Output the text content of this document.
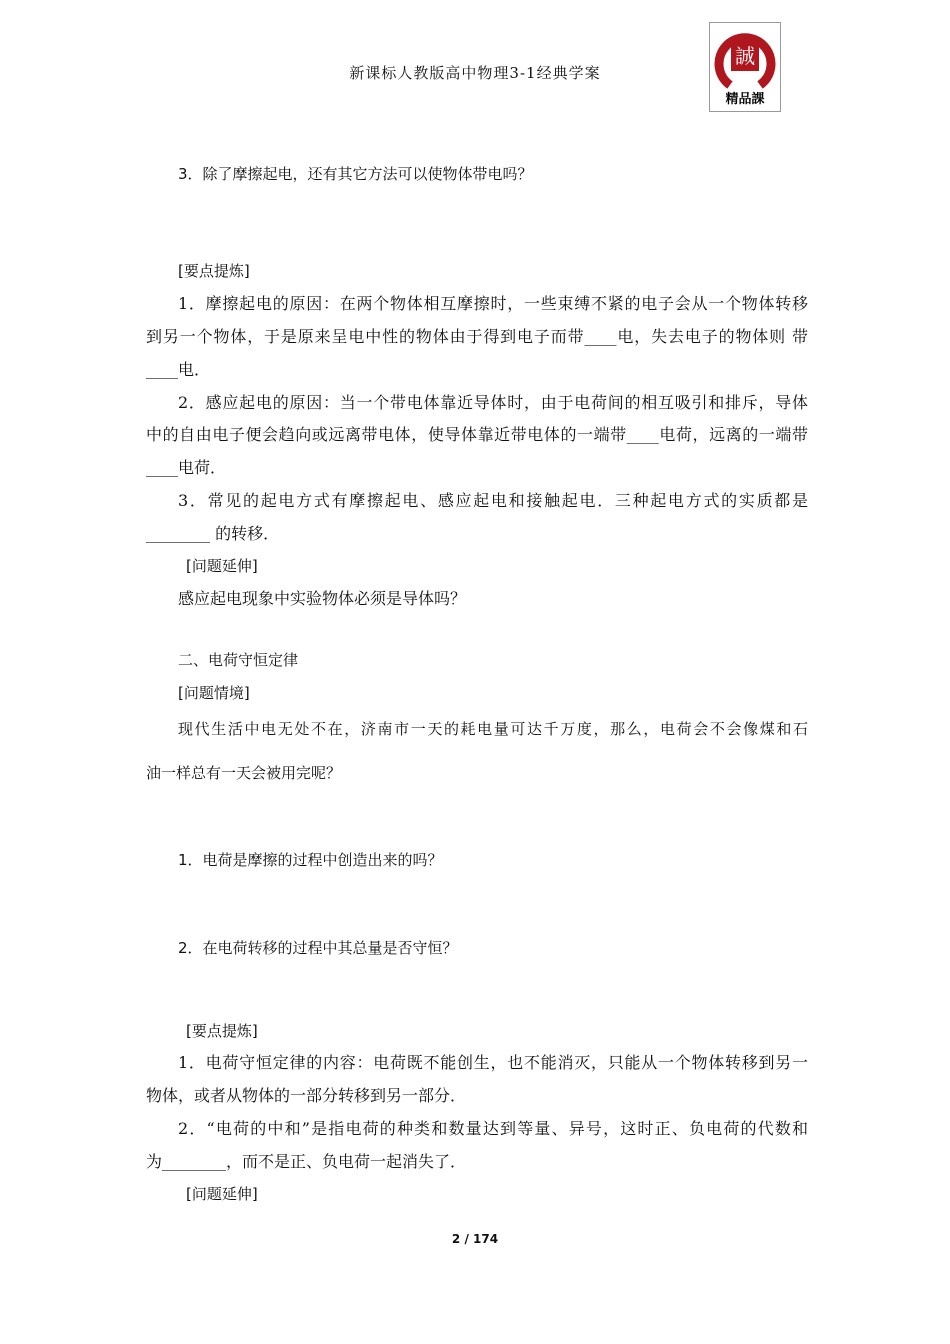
新课标人教版高中物理3-1经典学案
誠
精品課
3．除了摩擦起电，还有其它方法可以使物体带电吗？
[要点提炼]
1．摩擦起电的原因：在两个物体相互摩擦时，一些束缚不紧的电子会从一个物体转移
到另一个物体，于是原来呈电中性的物体由于得到电子而带____电，失去电子的物体则 带
____电．
2．感应起电的原因：当一个带电体靠近导体时，由于电荷间的相互吸引和排斥，导体
中的自由电子便会趋向或远离带电体，使导体靠近带电体的一端带____电荷，远离的一端带
____电荷．
3．常见的起电方式有摩擦起电、感应起电和接触起电．三种起电方式的实质都是
________ 的转移．
[问题延伸]
感应起电现象中实验物体必须是导体吗？
二、电荷守恒定律
[问题情境]
现代生活中电无处不在，济南市一天的耗电量可达千万度，那么，电荷会不会像煤和石
油一样总有一天会被用完呢？
1．电荷是摩擦的过程中创造出来的吗？
2．在电荷转移的过程中其总量是否守恒？
[要点提炼]
1．电荷守恒定律的内容：电荷既不能创生，也不能消灭，只能从一个物体转移到另一
物体，或者从物体的一部分转移到另一部分．
2．“电荷的中和”是指电荷的种类和数量达到等量、异号，这时正、负电荷的代数和
为________，而不是正、负电荷一起消失了．
[问题延伸]
2 / 174
